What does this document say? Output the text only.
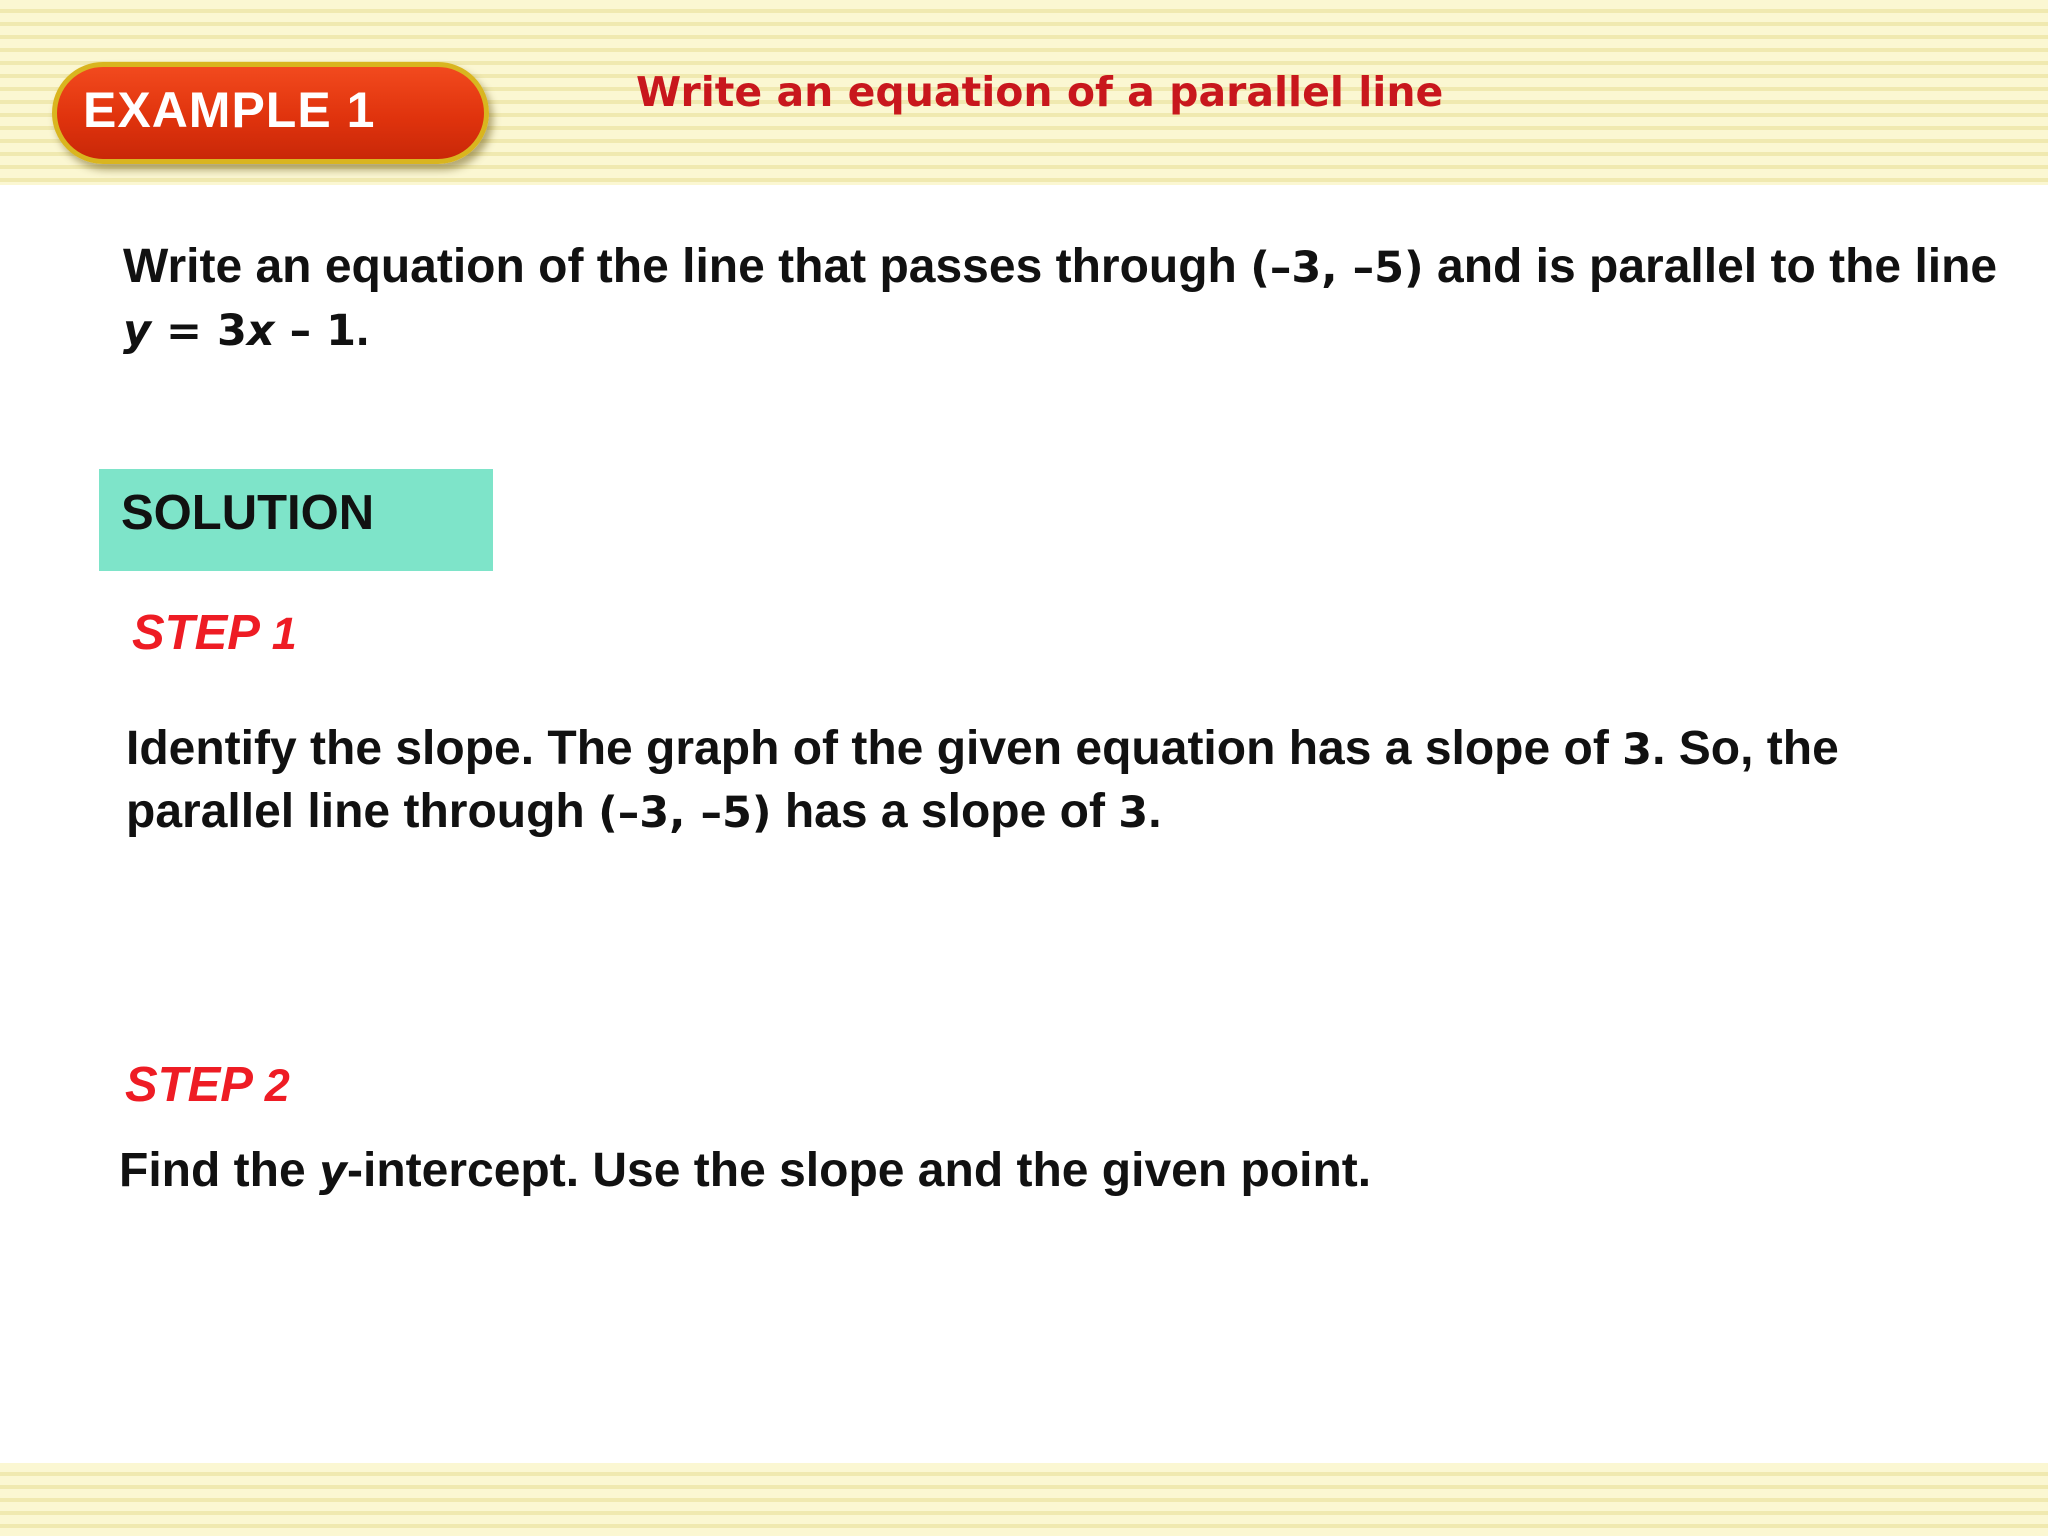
EXAMPLE 1	Write an equation of a parallel line
Write an equation of the line that passes through (–3, –5) and is parallel to the line y = 3x – 1.
SOLUTION
STEP 1
Identify the slope. The graph of the given equation has a slope of 3. So, the parallel line through (–3, –5) has a slope of 3.
STEP 2
Find the y-intercept. Use the slope and the given point.
